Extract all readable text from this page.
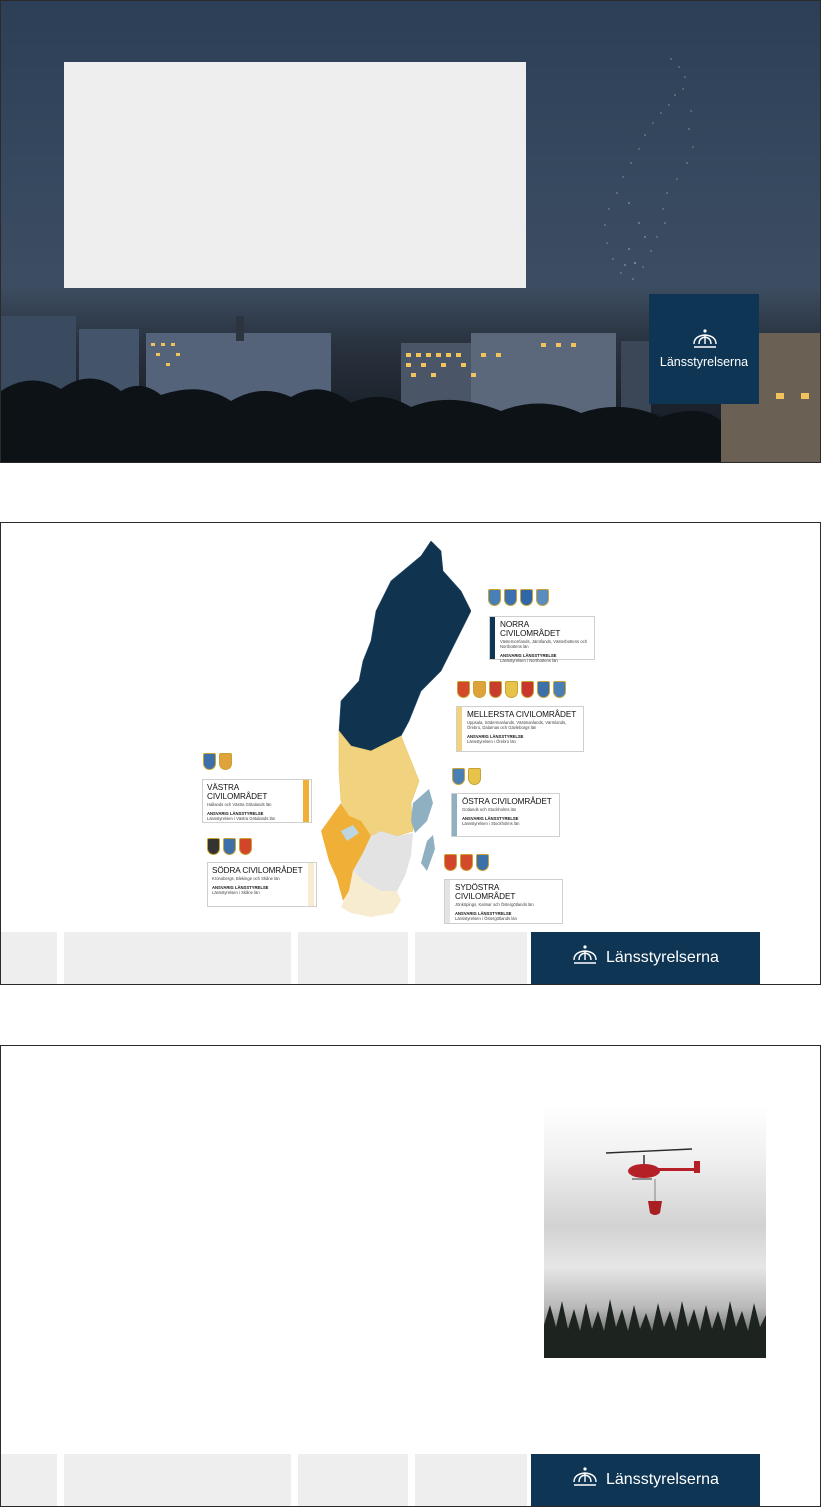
Länsstyrelserna
NORRA CIVILOMRÅDET
Västernorrlands, Jämtlands, Västerbottens och Norrbottens län
ANSVARIG LÄNSSTYRELSE
Länsstyrelsen i Norrbottens län
MELLERSTA CIVILOMRÅDET
Uppsala, Södermanlands, Västmanlands, Värmlands, Örebro, Dalarnas och Gävleborgs län
ANSVARIG LÄNSSTYRELSE
Länsstyrelsen i Örebro län
VÄSTRA CIVILOMRÅDET
Hallands och Västra Götalands län
ANSVARIG LÄNSSTYRELSE
Länsstyrelsen i Västra Götalands län
ÖSTRA CIVILOMRÅDET
Gotlands och Stockholms län
ANSVARIG LÄNSSTYRELSE
Länsstyrelsen i Stockholms län
SÖDRA CIVILOMRÅDET
Kronobergs, Blekinge och Skåne län
ANSVARIG LÄNSSTYRELSE
Länsstyrelsen i Skåne län
SYDÖSTRA CIVILOMRÅDET
Jönköpings, Kalmar och Östergötlands län
ANSVARIG LÄNSSTYRELSE
Länsstyrelsen i Östergötlands län
Länsstyrelserna
Länsstyrelserna
